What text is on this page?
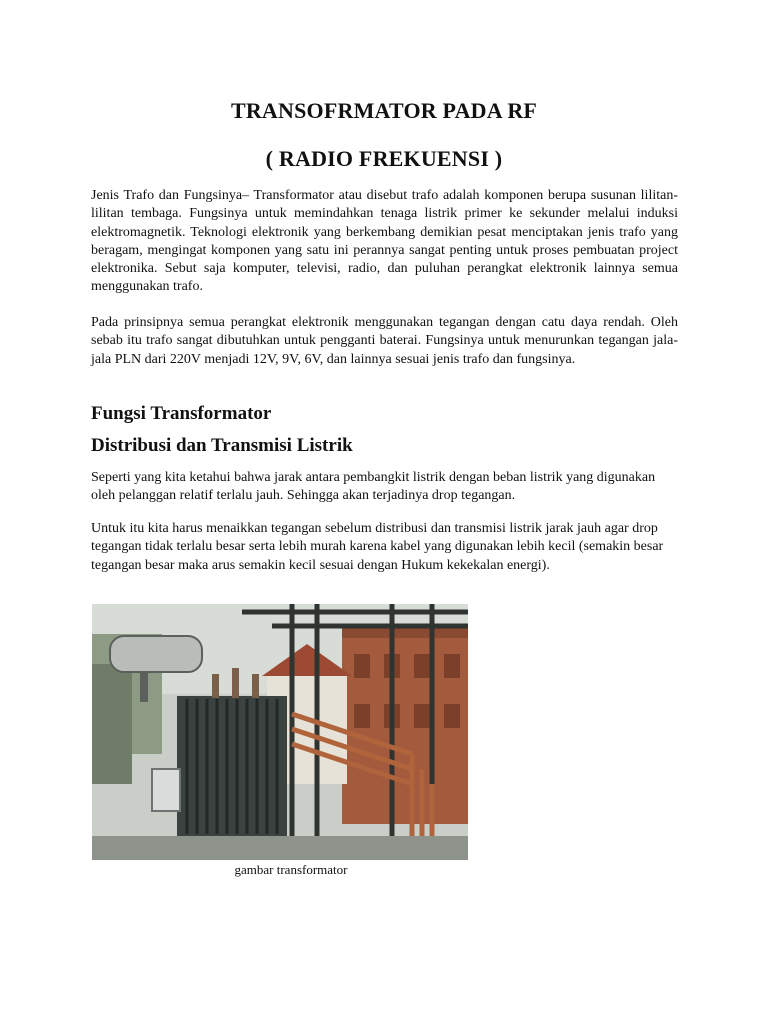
TRANSOFRMATOR PADA RF
( RADIO FREKUENSI )

Jenis Trafo dan Fungsinya– Transformator atau disebut trafo adalah komponen berupa susunan lilitan-lilitan tembaga. Fungsinya untuk memindahkan tenaga listrik primer ke sekunder melalui induksi elektromagnetik. Teknologi elektronik yang berkembang demikian pesat menciptakan jenis trafo yang beragam, mengingat komponen yang satu ini perannya sangat penting untuk proses pembuatan project elektronika. Sebut saja komputer, televisi, radio, dan puluhan perangkat elektronik lainnya semua menggunakan trafo.

Pada prinsipnya semua perangkat elektronik menggunakan tegangan dengan catu daya rendah. Oleh sebab itu trafo sangat dibutuhkan untuk pengganti baterai. Fungsinya untuk menurunkan tegangan jala-jala PLN dari 220V menjadi 12V, 9V, 6V, dan lainnya sesuai jenis trafo dan fungsinya.

Fungsi Transformator
Distribusi dan Transmisi Listrik

Seperti yang kita ketahui bahwa jarak antara pembangkit listrik dengan beban listrik yang digunakan oleh pelanggan relatif terlalu jauh. Sehingga akan terjadinya drop tegangan.

Untuk itu kita harus menaikkan tegangan sebelum distribusi dan transmisi listrik jarak jauh agar drop tegangan tidak terlalu besar serta lebih murah karena kabel yang digunakan lebih kecil (semakin besar tegangan besar maka arus semakin kecil sesuai dengan Hukum kekekalan energi).

gambar transformator
